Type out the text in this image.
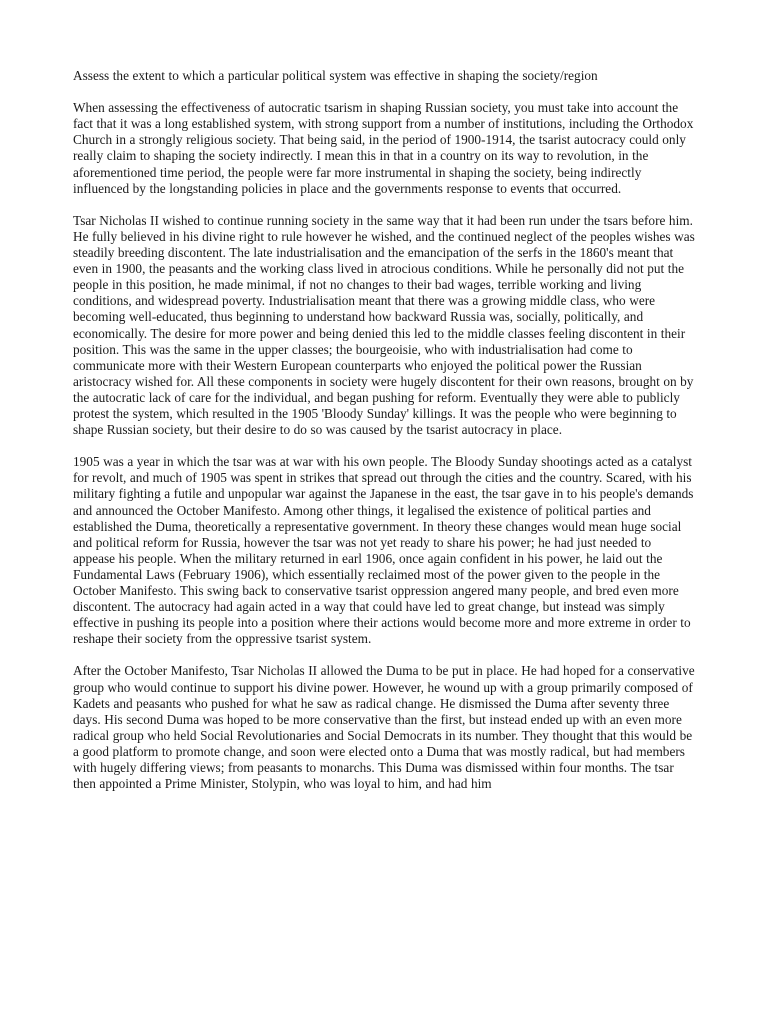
Assess the extent to which a particular political system was effective in shaping the society/region

When assessing the effectiveness of autocratic tsarism in shaping Russian society, you must take into account the fact that it was a long established system, with strong support from a number of institutions, including the Orthodox Church in a strongly religious society. That being said, in the period of 1900-1914, the tsarist autocracy could only really claim to shaping the society indirectly. I mean this in that in a country on its way to revolution, in the aforementioned time period, the people were far more instrumental in shaping the society, being indirectly influenced by the longstanding policies in place and the governments response to events that occurred.

Tsar Nicholas II wished to continue running society in the same way that it had been run under the tsars before him. He fully believed in his divine right to rule however he wished, and the continued neglect of the peoples wishes was steadily breeding discontent. The late industrialisation and the emancipation of the serfs in the 1860's meant that even in 1900, the peasants and the working class lived in atrocious conditions. While he personally did not put the people in this position, he made minimal, if not no changes to their bad wages, terrible working and living conditions, and widespread poverty. Industrialisation meant that there was a growing middle class, who were becoming well-educated, thus beginning to understand how backward Russia was, socially, politically, and economically. The desire for more power and being denied this led to the middle classes feeling discontent in their position. This was the same in the upper classes; the bourgeoisie, who with industrialisation had come to communicate more with their Western European counterparts who enjoyed the political power the Russian aristocracy wished for. All these components in society were hugely discontent for their own reasons, brought on by the autocratic lack of care for the individual, and began pushing for reform. Eventually they were able to publicly protest the system, which resulted in the 1905 'Bloody Sunday' killings. It was the people who were beginning to shape Russian society, but their desire to do so was caused by the tsarist autocracy in place.

1905 was a year in which the tsar was at war with his own people. The Bloody Sunday shootings acted as a catalyst for revolt, and much of 1905 was spent in strikes that spread out through the cities and the country. Scared, with his military fighting a futile and unpopular war against the Japanese in the east, the tsar gave in to his people's demands and announced the October Manifesto. Among other things, it legalised the existence of political parties and established the Duma, theoretically a representative government. In theory these changes would mean huge social and political reform for Russia, however the tsar was not yet ready to share his power; he had just needed to appease his people. When the military returned in earl 1906, once again confident in his power, he laid out the Fundamental Laws (February 1906), which essentially reclaimed most of the power given to the people in the October Manifesto. This swing back to conservative tsarist oppression angered many people, and bred even more discontent. The autocracy had again acted in a way that could have led to great change, but instead was simply effective in pushing its people into a position where their actions would become more and more extreme in order to reshape their society from the oppressive tsarist system.

After the October Manifesto, Tsar Nicholas II allowed the Duma to be put in place. He had hoped for a conservative group who would continue to support his divine power. However, he wound up with a group primarily composed of Kadets and peasants who pushed for what he saw as radical change. He dismissed the Duma after seventy three days. His second Duma was hoped to be more conservative than the first, but instead ended up with an even more radical group who held Social Revolutionaries and Social Democrats in its number. They thought that this would be a good platform to promote change, and soon were elected onto a Duma that was mostly radical, but had members with hugely differing views; from peasants to monarchs. This Duma was dismissed within four months. The tsar then appointed a Prime Minister, Stolypin, who was loyal to him, and had him
